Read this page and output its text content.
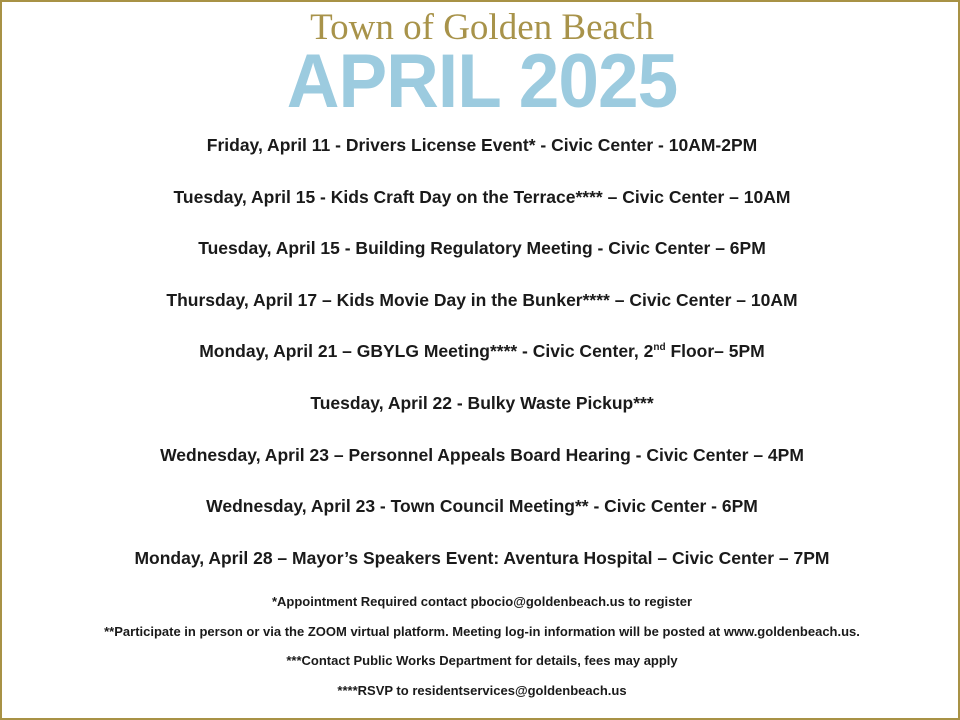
Town of Golden Beach
APRIL 2025
Friday, April 11 - Drivers License Event* - Civic Center - 10AM-2PM
Tuesday, April 15 - Kids Craft Day on the Terrace**** – Civic Center – 10AM
Tuesday, April 15 - Building Regulatory Meeting - Civic Center – 6PM
Thursday, April 17 – Kids Movie Day in the Bunker**** – Civic Center – 10AM
Monday, April 21 – GBYLG Meeting**** - Civic Center, 2nd Floor– 5PM
Tuesday, April 22 - Bulky Waste Pickup***
Wednesday, April 23 – Personnel Appeals Board Hearing - Civic Center – 4PM
Wednesday, April 23 - Town Council Meeting** - Civic Center - 6PM
Monday, April 28 – Mayor’s Speakers Event: Aventura Hospital – Civic Center – 7PM
*Appointment Required contact pbocio@goldenbeach.us to register
**Participate in person or via the ZOOM virtual platform. Meeting log-in information will be posted at www.goldenbeach.us.
***Contact Public Works Department for details, fees may apply
****RSVP to residentservices@goldenbeach.us
